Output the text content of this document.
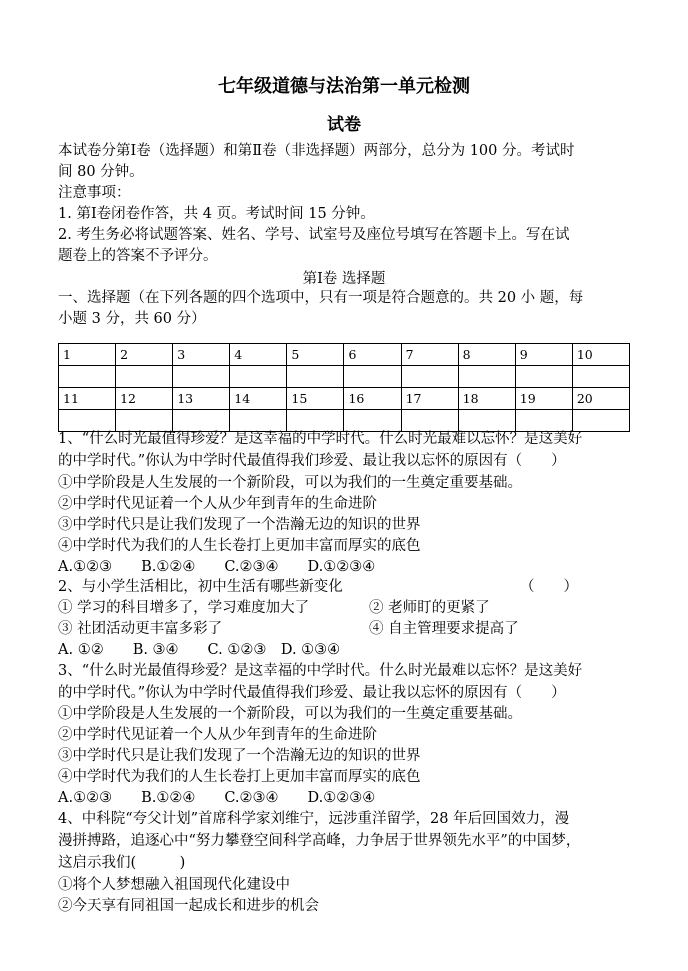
七年级道德与法治第一单元检测
试卷
本试卷分第Ⅰ卷（选择题）和第Ⅱ卷（非选择题）两部分，总分为 100 分。考试时
间 80 分钟。
注意事项：
1. 第Ⅰ卷闭卷作答，共 4 页。考试时间 15 分钟。
2. 考生务必将试题答案、姓名、学号、试室号及座位号填写在答题卡上。写在试
题卷上的答案不予评分。
第Ⅰ卷 选择题
一、选择题（在下列各题的四个选项中，只有一项是符合题意的。共 20 小 题，每
小题 3 分，共 60 分）
1	2	3	4	5	6	7	8	9	10

11	12	13	14	15	16	17	18	19	20

1、“什么时光最值得珍爱？是这幸福的中学时代。什么时光最难以忘怀？是这美好
的中学时代。”你认为中学时代最值得我们珍爱、最让我以忘怀的原因有（　　）
①中学阶段是人生发展的一个新阶段，可以为我们的一生奠定重要基础。
②中学时代见证着一个人从少年到青年的生命进阶
③中学时代只是让我们发现了一个浩瀚无边的知识的世界
④中学时代为我们的人生长卷打上更加丰富而厚实的底色
A.①②③　　B.①②④　　C.②③④　　D.①②③④
2、与小学生活相比，初中生活有哪些新变化	（　　）
① 学习的科目增多了，学习难度加大了	② 老师盯的更紧了
③ 社团活动更丰富多彩了	④ 自主管理要求提高了
A. ①②　　B. ③④　　C. ①②③　D. ①③④
3、“什么时光最值得珍爱？是这幸福的中学时代。什么时光最难以忘怀？是这美好
的中学时代。”你认为中学时代最值得我们珍爱、最让我以忘怀的原因有（　　）
①中学阶段是人生发展的一个新阶段，可以为我们的一生奠定重要基础。
②中学时代见证着一个人从少年到青年的生命进阶
③中学时代只是让我们发现了一个浩瀚无边的知识的世界
④中学时代为我们的人生长卷打上更加丰富而厚实的底色
A.①②③　　B.①②④　　C.②③④　　D.①②③④
4、中科院“夸父计划”首席科学家刘维宁，远涉重洋留学，28 年后回国效力，漫
漫拼搏路，追逐心中“努力攀登空间科学高峰，力争居于世界领先水平”的中国梦，
这启示我们(　　　)
①将个人梦想融入祖国现代化建设中
②今天享有同祖国一起成长和进步的机会
